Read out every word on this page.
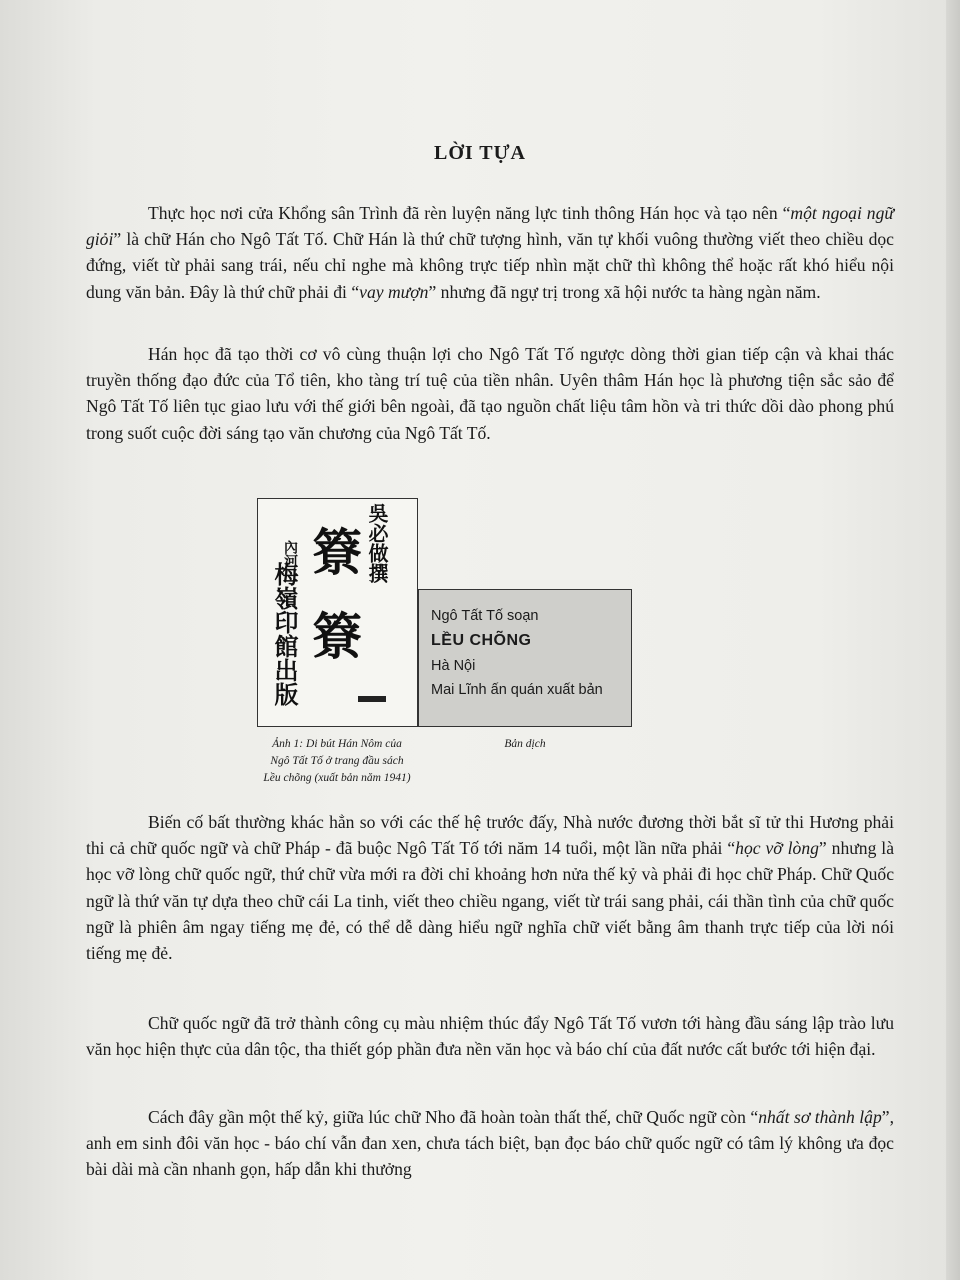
LỜI TỰA

Thực học nơi cửa Khổng sân Trình đã rèn luyện năng lực tinh thông Hán học và tạo nên “một ngoại ngữ giỏi” là chữ Hán cho Ngô Tất Tố. Chữ Hán là thứ chữ tượng hình, văn tự khối vuông thường viết theo chiều dọc đứng, viết từ phải sang trái, nếu chỉ nghe mà không trực tiếp nhìn mặt chữ thì không thể hoặc rất khó hiểu nội dung văn bản. Đây là thứ chữ phải đi “vay mượn” nhưng đã ngự trị trong xã hội nước ta hàng ngàn năm.

Hán học đã tạo thời cơ vô cùng thuận lợi cho Ngô Tất Tố ngược dòng thời gian tiếp cận và khai thác truyền thống đạo đức của Tổ tiên, kho tàng trí tuệ của tiền nhân. Uyên thâm Hán học là phương tiện sắc sảo để Ngô Tất Tố liên tục giao lưu với thế giới bên ngoài, đã tạo nguồn chất liệu tâm hồn và tri thức dồi dào phong phú trong suốt cuộc đời sáng tạo văn chương của Ngô Tất Tố.

吳必做撰
簝
簝
內河
梅嶺印館出版	Ngô Tất Tố soạn
LỀU CHÕNG
Hà Nội
Mai Lĩnh ấn quán xuất bản
Ảnh 1: Di bút Hán Nôm của
Ngô Tất Tố ở trang đầu sách
Lều chõng (xuất bản năm 1941)
Bản dịch

Biến cố bất thường khác hẳn so với các thế hệ trước đấy, Nhà nước đương thời bắt sĩ tử thi Hương phải thi cả chữ quốc ngữ và chữ Pháp - đã buộc Ngô Tất Tố tới năm 14 tuổi, một lần nữa phải “học vỡ lòng” nhưng là học vỡ lòng chữ quốc ngữ, thứ chữ vừa mới ra đời chỉ khoảng hơn nửa thế kỷ và phải đi học chữ Pháp. Chữ Quốc ngữ là thứ văn tự dựa theo chữ cái La tinh, viết theo chiều ngang, viết từ trái sang phải, cái thần tình của chữ quốc ngữ là phiên âm ngay tiếng mẹ đẻ, có thể dễ dàng hiểu ngữ nghĩa chữ viết bằng âm thanh trực tiếp của lời nói tiếng mẹ đẻ.

Chữ quốc ngữ đã trở thành công cụ màu nhiệm thúc đẩy Ngô Tất Tố vươn tới hàng đầu sáng lập trào lưu văn học hiện thực của dân tộc, tha thiết góp phần đưa nền văn học và báo chí của đất nước cất bước tới hiện đại.

Cách đây gần một thế kỷ, giữa lúc chữ Nho đã hoàn toàn thất thế, chữ Quốc ngữ còn “nhất sơ thành lập”, anh em sinh đôi văn học - báo chí vẫn đan xen, chưa tách biệt, bạn đọc báo chữ quốc ngữ có tâm lý không ưa đọc bài dài mà cần nhanh gọn, hấp dẫn khi thưởng
